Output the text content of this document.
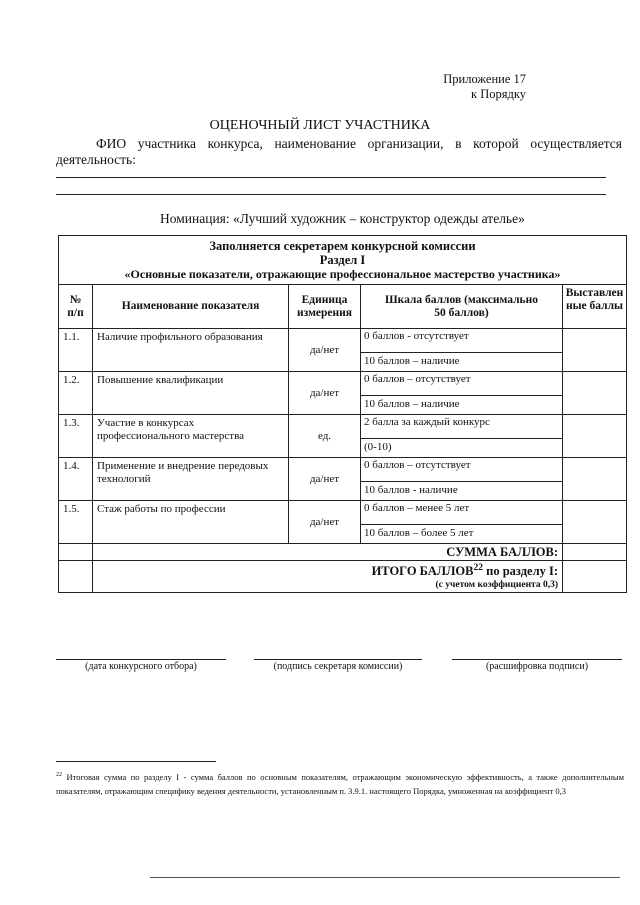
Приложение 17
к Порядку
ОЦЕНОЧНЫЙ ЛИСТ УЧАСТНИКА
ФИО участника конкурса, наименование организации, в которой осуществляется деятельность:
Номинация: «Лучший художник – конструктор одежды ателье»
Заполняется секретарем конкурсной комиссии
Раздел I
«Основные показатели, отражающие профессиональное мастерство участника»				

№ п/п	Наименование показателя	Единица измерения	Шкала баллов (максимально 50 баллов)	Выставленные баллы
1.1.	Наличие профильного образования	да/нет	0 баллов - отсутствует	
			10 баллов – наличие	
1.2.	Повышение квалификации	да/нет	0 баллов – отсутствует	
			10 баллов – наличие	
1.3.	Участие в конкурсах профессионального мастерства	ед.	2 балла за каждый конкурс	
			(0-10)	
1.4.	Применение и внедрение передовых технологий	да/нет	0 баллов – отсутствует	
			10 баллов - наличие	
1.5.	Стаж работы по профессии	да/нет	0 баллов – менее 5 лет	
			10 баллов – более 5 лет	
	СУММА БАЛЛОВ:			

	ИТОГО БАЛЛОВ$^{22}$ по разделу I:
(с учетом коэффициента 0,3)			

(дата конкурсного отбора)	(подпись секретаря комиссии)	(расшифровка подписи)
$^{22}$ Итоговая сумма по разделу I - сумма баллов по основным показателям, отражающим экономическую эффективность, а также дополнительным показателям, отражающим специфику ведения деятельности, установленным п. 3.9.1. настоящего Порядка, умноженная на коэффициент 0,3
